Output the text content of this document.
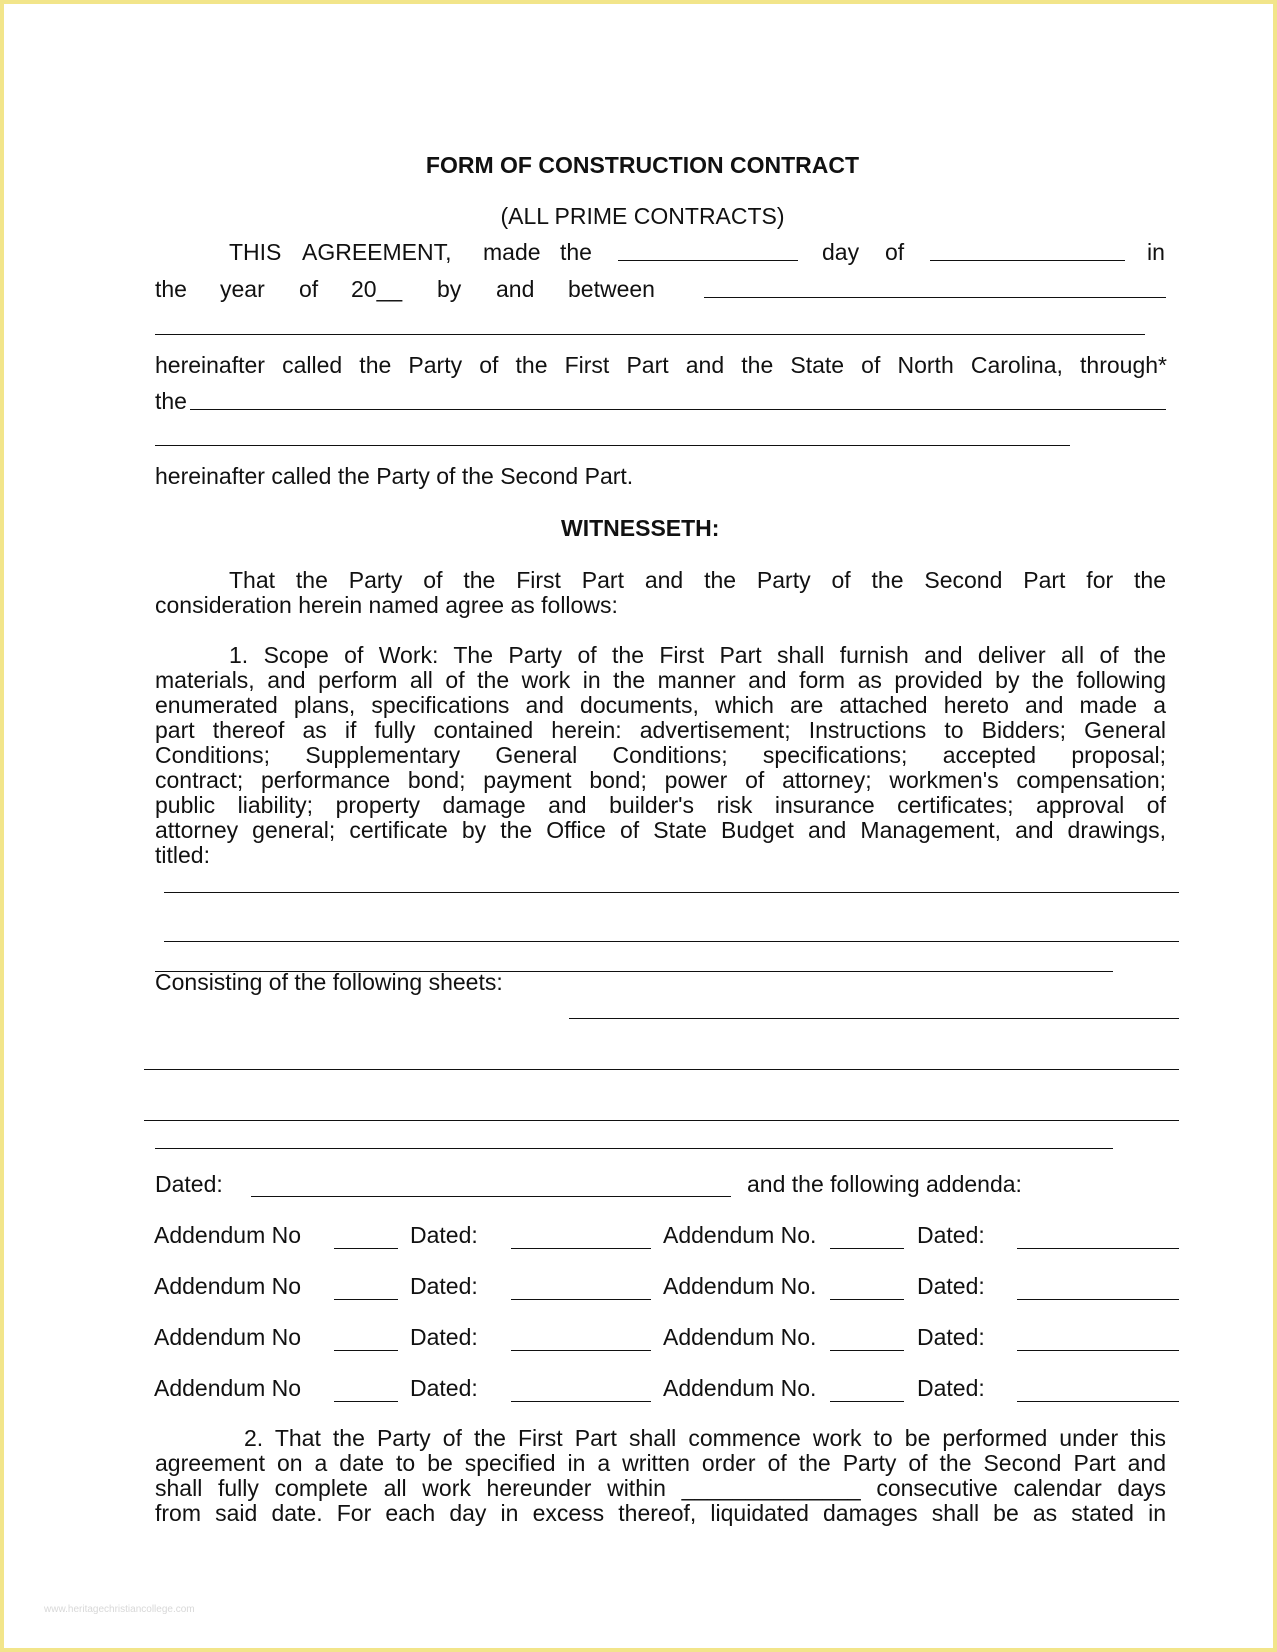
FORM OF CONSTRUCTION CONTRACT
(ALL PRIME CONTRACTS)
THIS AGREEMENT, made the	day of	in
the year of 20__ by and between
hereinafter called the Party of the First Part and the State of North Carolina, through*
the
hereinafter called the Party of the Second Part.
WITNESSETH:
That the Party of the First Part and the Party of the Second Part for the
consideration herein named agree as follows:
1. Scope of Work: The Party of the First Part shall furnish and deliver all of the
materials, and perform all of the work in the manner and form as provided by the following
enumerated plans, specifications and documents, which are attached hereto and made a
part thereof as if fully contained herein: advertisement; Instructions to Bidders; General
Conditions; Supplementary General Conditions; specifications; accepted proposal;
contract; performance bond; payment bond; power of attorney; workmen's compensation;
public liability; property damage and builder's risk insurance certificates; approval of
attorney general; certificate by the Office of State Budget and Management, and drawings,
titled:
Consisting of the following sheets:
Dated:	and the following addenda:
Addendum No	Dated:	Addendum No.	Dated:
Addendum No	Dated:	Addendum No.	Dated:
Addendum No	Dated:	Addendum No.	Dated:
Addendum No	Dated:	Addendum No.	Dated:
2. That the Party of the First Part shall commence work to be performed under this
agreement on a date to be specified in a written order of the Party of the Second Part and
shall fully complete all work hereunder within ______________ consecutive calendar days
from said date. For each day in excess thereof, liquidated damages shall be as stated in
www.heritagechristiancollege.com
